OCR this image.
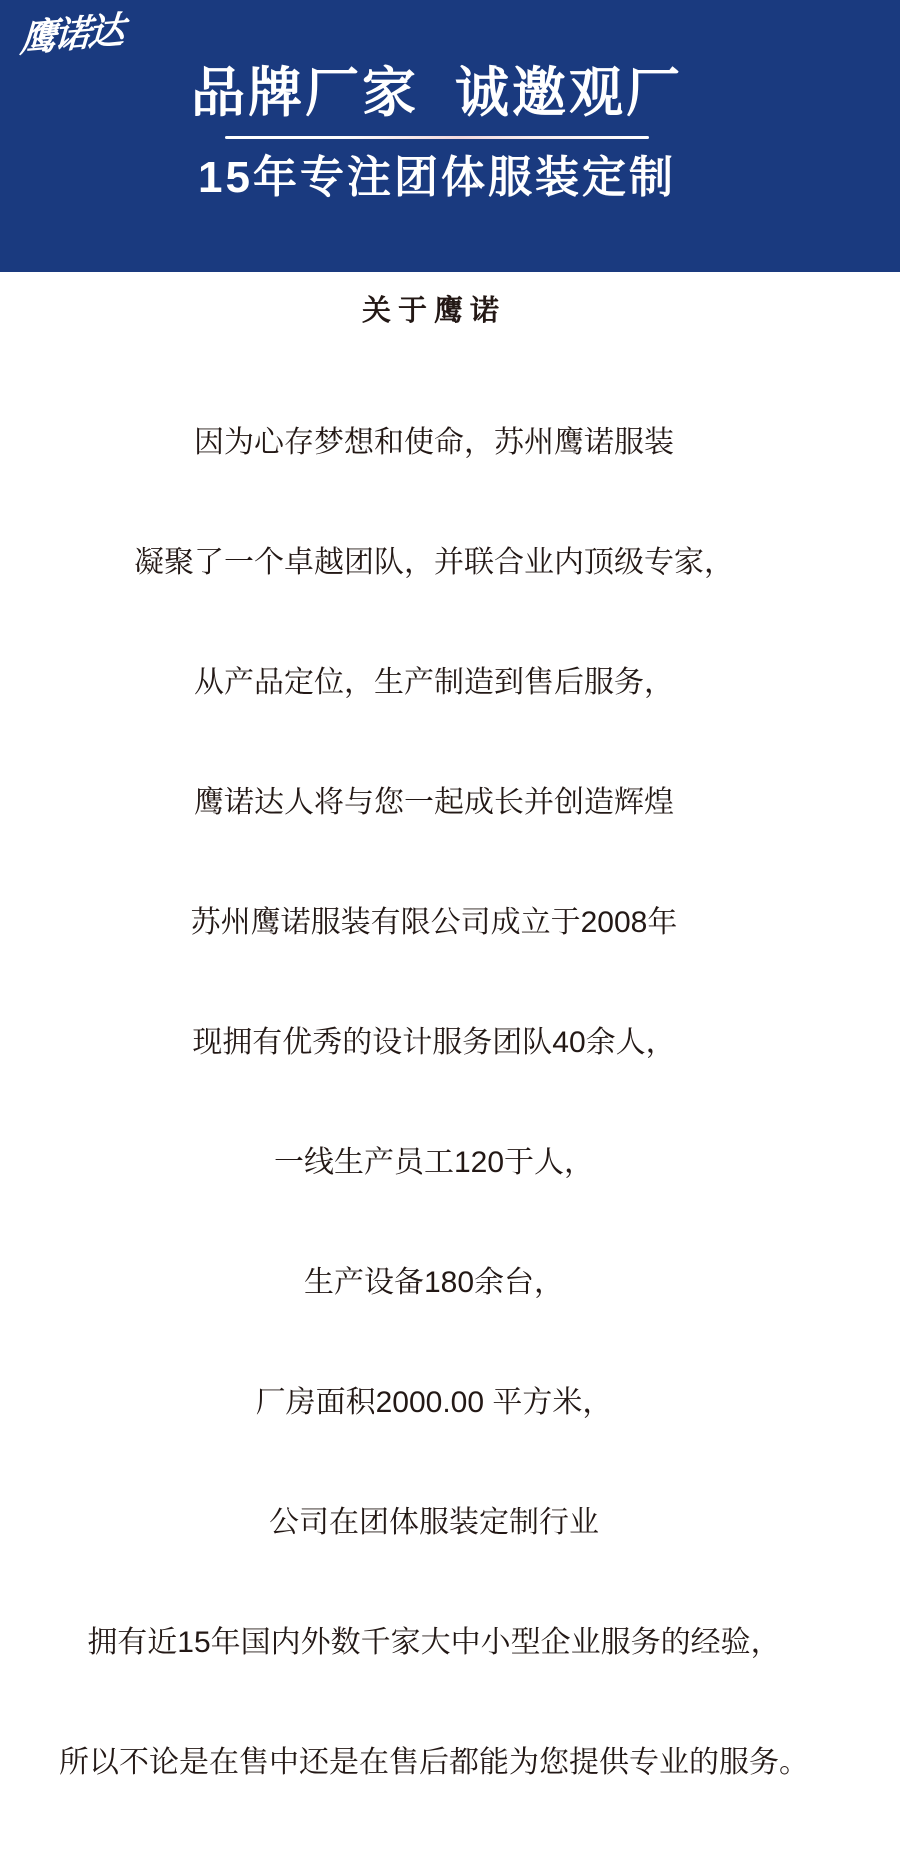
鹰诺达
品牌厂家  诚邀观厂
15年专注团体服装定制
关于鹰诺

因为心存梦想和使命，苏州鹰诺服装

凝聚了一个卓越团队，并联合业内顶级专家，

从产品定位，生产制造到售后服务，

鹰诺达人将与您一起成长并创造辉煌

苏州鹰诺服装有限公司成立于2008年

现拥有优秀的设计服务团队40余人，

一线生产员工120于人，

生产设备180余台，

厂房面积2000.00 平方米，

公司在团体服装定制行业

拥有近15年国内外数千家大中小型企业服务的经验，

所以不论是在售中还是在售后都能为您提供专业的服务。
